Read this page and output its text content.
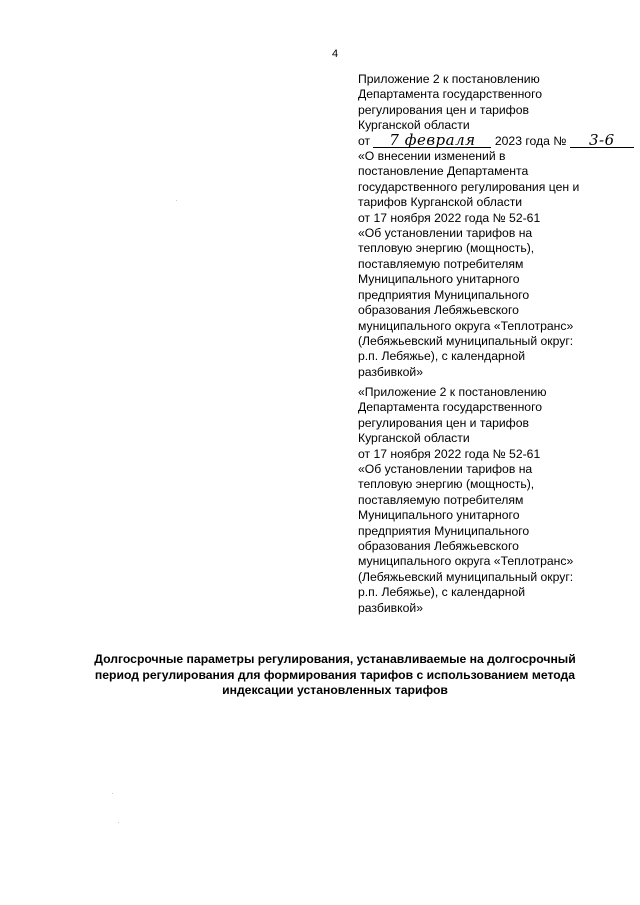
4
Приложение 2 к постановлению
Департамента государственного
регулирования цен и тарифов
Курганской области
от 7 февраля 2023 года № 3-6
«О внесении изменений в
постановление Департамента
государственного регулирования цен и
тарифов Курганской области
от 17 ноября 2022 года № 52-61
«Об установлении тарифов на
тепловую энергию (мощность),
поставляемую потребителям
Муниципального унитарного
предприятия Муниципального
образования Лебяжьевского
муниципального округа «Теплотранс»
(Лебяжьевский муниципальный округ:
р.п. Лебяжье), с календарной
разбивкой»
«Приложение 2 к постановлению
Департамента государственного
регулирования цен и тарифов
Курганской области
от 17 ноября 2022 года № 52-61
«Об установлении тарифов на
тепловую энергию (мощность),
поставляемую потребителям
Муниципального унитарного
предприятия Муниципального
образования Лебяжьевского
муниципального округа «Теплотранс»
(Лебяжьевский муниципальный округ:
р.п. Лебяжье), с календарной
разбивкой»
Долгосрочные параметры регулирования, устанавливаемые на долгосрочный
период регулирования для формирования тарифов с использованием метода
индексации установленных тарифов
